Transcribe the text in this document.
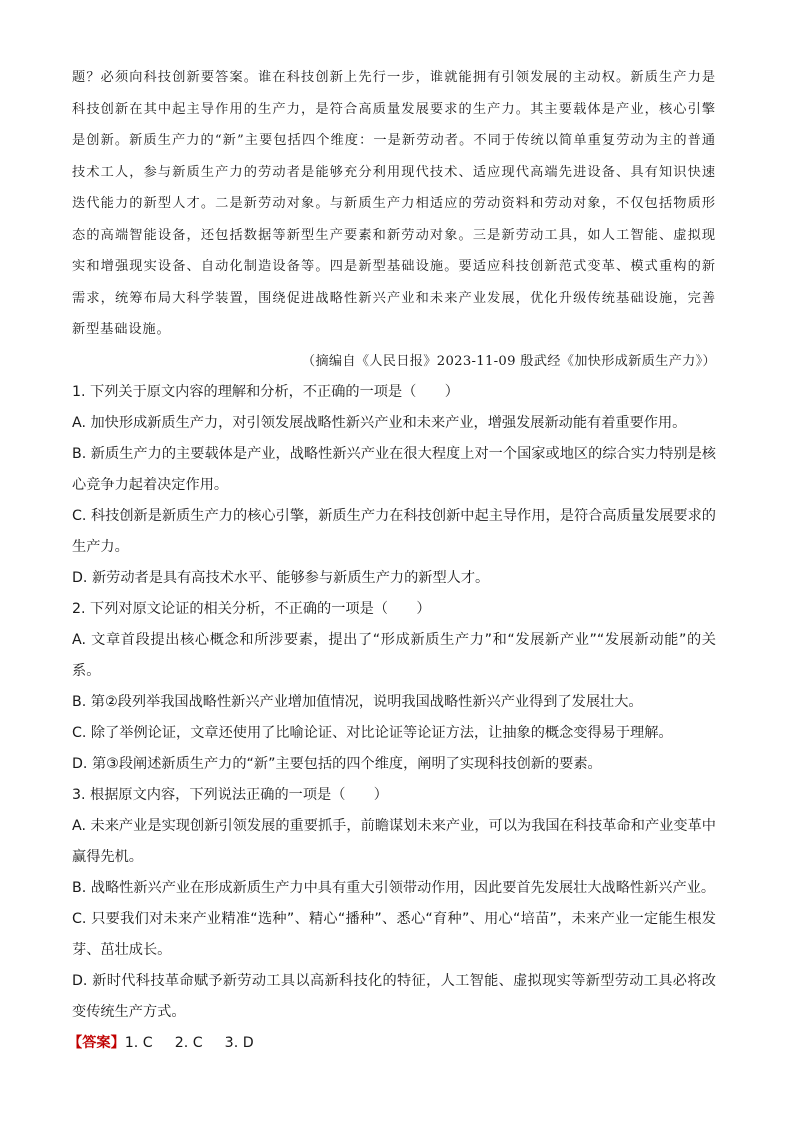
题？必须向科技创新要答案。谁在科技创新上先行一步，谁就能拥有引领发展的主动权。新质生产力是科技创新在其中起主导作用的生产力，是符合高质量发展要求的生产力。其主要载体是产业，核心引擎是创新。新质生产力的“新”主要包括四个维度：一是新劳动者。不同于传统以简单重复劳动为主的普通技术工人，参与新质生产力的劳动者是能够充分利用现代技术、适应现代高端先进设备、具有知识快速迭代能力的新型人才。二是新劳动对象。与新质生产力相适应的劳动资料和劳动对象，不仅包括物质形态的高端智能设备，还包括数据等新型生产要素和新劳动对象。三是新劳动工具，如人工智能、虚拟现实和增强现实设备、自动化制造设备等。四是新型基础设施。要适应科技创新范式变革、模式重构的新需求，统筹布局大科学装置，围绕促进战略性新兴产业和未来产业发展，优化升级传统基础设施，完善新型基础设施。

（摘编自《人民日报》2023-11-09 殷武经《加快形成新质生产力》）

1. 下列关于原文内容的理解和分析，不正确的一项是（　　）

A. 加快形成新质生产力，对引领发展战略性新兴产业和未来产业，增强发展新动能有着重要作用。

B. 新质生产力的主要载体是产业，战略性新兴产业在很大程度上对一个国家或地区的综合实力特别是核心竞争力起着决定作用。

C. 科技创新是新质生产力的核心引擎，新质生产力在科技创新中起主导作用，是符合高质量发展要求的生产力。

D. 新劳动者是具有高技术水平、能够参与新质生产力的新型人才。

2. 下列对原文论证的相关分析，不正确的一项是（　　）

A. 文章首段提出核心概念和所涉要素，提出了“形成新质生产力”和“发展新产业”“发展新动能”的关系。

B. 第②段列举我国战略性新兴产业增加值情况，说明我国战略性新兴产业得到了发展壮大。

C. 除了举例论证，文章还使用了比喻论证、对比论证等论证方法，让抽象的概念变得易于理解。

D. 第③段阐述新质生产力的“新”主要包括的四个维度，阐明了实现科技创新的要素。

3. 根据原文内容，下列说法正确的一项是（　　）

A. 未来产业是实现创新引领发展的重要抓手，前瞻谋划未来产业，可以为我国在科技革命和产业变革中赢得先机。

B. 战略性新兴产业在形成新质生产力中具有重大引领带动作用，因此要首先发展壮大战略性新兴产业。

C. 只要我们对未来产业精准“选种”、精心“播种”、悉心“育种”、用心“培苗”，未来产业一定能生根发芽、茁壮成长。

D. 新时代科技革命赋予新劳动工具以高新科技化的特征，人工智能、虚拟现实等新型劳动工具必将改变传统生产方式。

【答案】1. C 2. C 3. D
